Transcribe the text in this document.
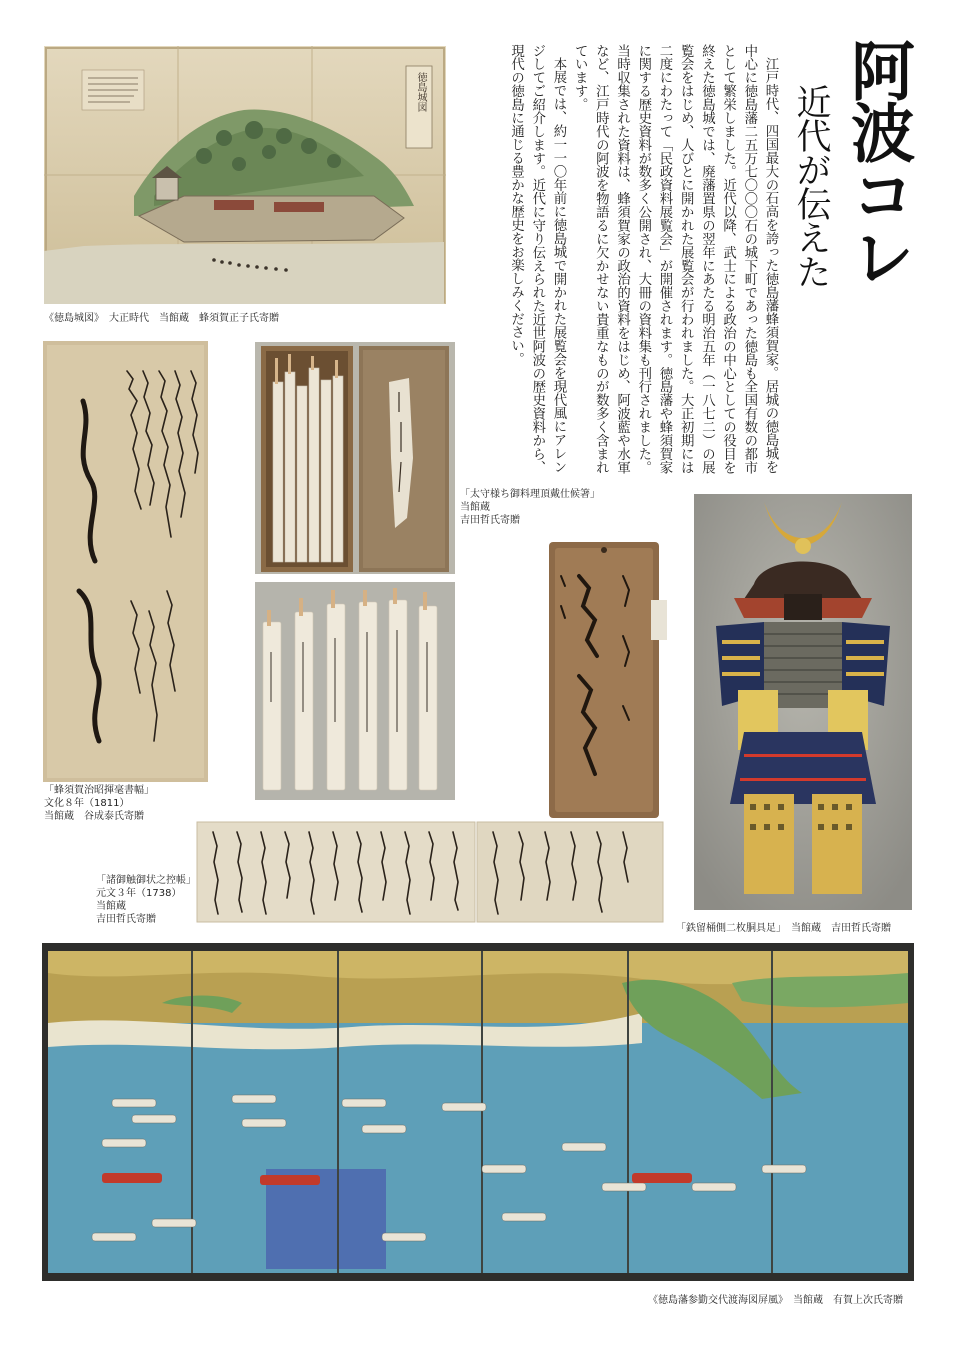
阿波コレ
近代が伝えた

江戸時代、四国最大の石高を誇った徳島藩蜂須賀家。居城の徳島城を中心に徳島藩二五万七〇〇〇石の城下町であった徳島も全国有数の都市として繁栄しました。近代以降、武士による政治の中心としての役目を終えた徳島城では、廃藩置県の翌年にあたる明治五年（一八七二）の展覧会をはじめ、人びとに開かれた展覧会が行われました。大正初期には二度にわたって「民政資料展覧会」が開催されます。徳島藩や蜂須賀家に関する歴史資料が数多く公開され、大冊の資料集も刊行されました。当時収集された資料は、蜂須賀家の政治的資料をはじめ、阿波藍や水軍など、江戸時代の阿波を物語るに欠かせない貴重なものが数多く含まれています。

本展では、約一一〇年前に徳島城で開かれた展覧会を現代風にアレンジしてご紹介します。近代に守り伝えられた近世阿波の歴史資料から、現代の徳島に通じる豊かな歴史をお楽しみください。

徳島城図
《徳島城図》　大正時代　当館蔵　蜂須賀正子氏寄贈
「蜂須賀治昭揮毫書幅」
文化８年（1811）
当館蔵　谷成泰氏寄贈
「太守様ち御料理頂戴仕候箸」
当館蔵
吉田哲氏寄贈
「鉄留桶側二枚胴具足」　当館蔵　吉田哲氏寄贈
「諸御触御状之控帳」
元文３年（1738）
当館蔵
吉田哲氏寄贈
《徳島藩参勤交代渡海図屏風》　当館蔵　有賀上次氏寄贈
